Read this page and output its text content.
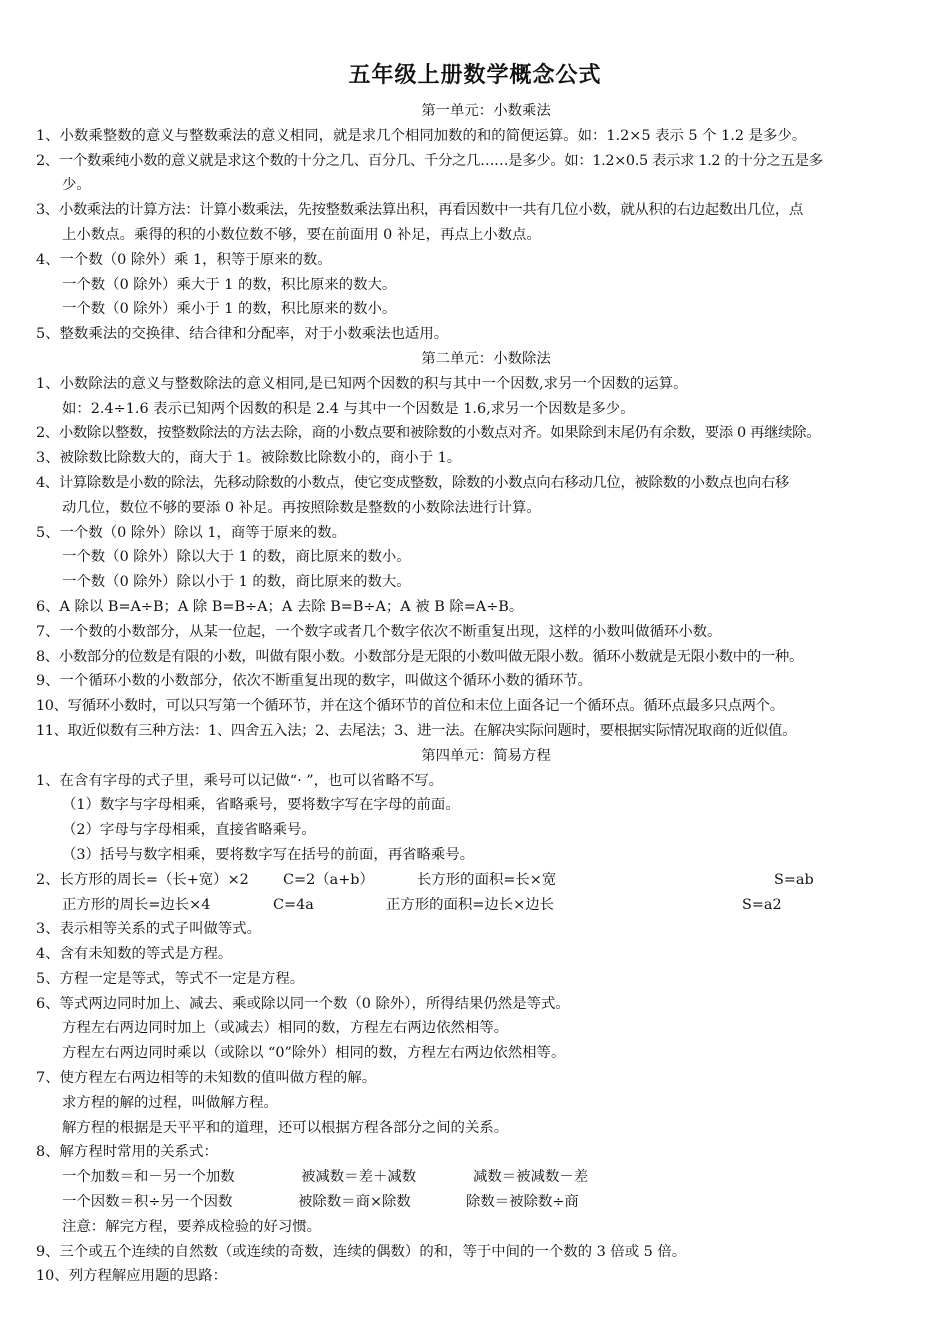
五年级上册数学概念公式
第一单元：小数乘法
1、小数乘整数的意义与整数乘法的意义相同，就是求几个相同加数的和的简便运算。如：1.2×5 表示 5 个 1.2 是多少。
2、一个数乘纯小数的意义就是求这个数的十分之几、百分几、千分之几……是多少。如：1.2×0.5 表示求 1.2 的十分之五是多
少。
3、小数乘法的计算方法：计算小数乘法，先按整数乘法算出积，再看因数中一共有几位小数，就从积的右边起数出几位，点
上小数点。乘得的积的小数位数不够，要在前面用 0 补足，再点上小数点。
4、一个数（0 除外）乘 1，积等于原来的数。
一个数（0 除外）乘大于 1 的数，积比原来的数大。
一个数（0 除外）乘小于 1 的数，积比原来的数小。
5、整数乘法的交换律、结合律和分配率，对于小数乘法也适用。
第二单元：小数除法
1、小数除法的意义与整数除法的意义相同,是已知两个因数的积与其中一个因数,求另一个因数的运算。
如：2.4÷1.6 表示已知两个因数的积是 2.4 与其中一个因数是 1.6,求另一个因数是多少。
2、小数除以整数，按整数除法的方法去除，商的小数点要和被除数的小数点对齐。如果除到末尾仍有余数，要添 0 再继续除。
3、被除数比除数大的，商大于 1。被除数比除数小的，商小于 1。
4、计算除数是小数的除法，先移动除数的小数点，使它变成整数，除数的小数点向右移动几位，被除数的小数点也向右移
动几位，数位不够的要添 0 补足。再按照除数是整数的小数除法进行计算。
5、一个数（0 除外）除以 1，商等于原来的数。
一个数（0 除外）除以大于 1 的数，商比原来的数小。
一个数（0 除外）除以小于 1 的数，商比原来的数大。
6、A 除以 B=A÷B；A 除 B=B÷A；A 去除 B=B÷A；A 被 B 除=A÷B。
7、一个数的小数部分，从某一位起，一个数字或者几个数字依次不断重复出现，这样的小数叫做循环小数。
8、小数部分的位数是有限的小数，叫做有限小数。小数部分是无限的小数叫做无限小数。循环小数就是无限小数中的一种。
9、一个循环小数的小数部分，依次不断重复出现的数字，叫做这个循环小数的循环节。
10、写循环小数时，可以只写第一个循环节，并在这个循环节的首位和末位上面各记一个循环点。循环点最多只点两个。
11、取近似数有三种方法：1、四舍五入法；2、去尾法；3、进一法。在解决实际问题时，要根据实际情况取商的近似值。
第四单元：简易方程
1、在含有字母的式子里，乘号可以记做“· ”，也可以省略不写。
（1）数字与字母相乘，省略乘号，要将数字写在字母的前面。
（2）字母与字母相乘，直接省略乘号。
（3）括号与数字相乘，要将数字写在括号的前面，再省略乘号。
2、长方形的周长=（长+宽）×2 C=2（a+b）	长方形的面积=长×宽	S=ab
正方形的周长=边长×4	C=4a	正方形的面积=边长×边长	S=a2
3、表示相等关系的式子叫做等式。
4、含有未知数的等式是方程。
5、方程一定是等式，等式不一定是方程。
6、等式两边同时加上、减去、乘或除以同一个数（0 除外），所得结果仍然是等式。
方程左右两边同时加上（或减去）相同的数，方程左右两边依然相等。
方程左右两边同时乘以（或除以 “0”除外）相同的数，方程左右两边依然相等。
7、使方程左右两边相等的未知数的值叫做方程的解。
求方程的解的过程，叫做解方程。
解方程的根据是天平平和的道理，还可以根据方程各部分之间的关系。
8、解方程时常用的关系式：
一个加数＝和－另一个加数	被减数＝差＋减数	减数＝被减数－差
一个因数＝积÷另一个因数	被除数＝商×除数	除数＝被除数÷商
注意：解完方程，要养成检验的好习惯。
9、三个或五个连续的自然数（或连续的奇数，连续的偶数）的和，等于中间的一个数的 3 倍或 5 倍。
10、列方程解应用题的思路：
